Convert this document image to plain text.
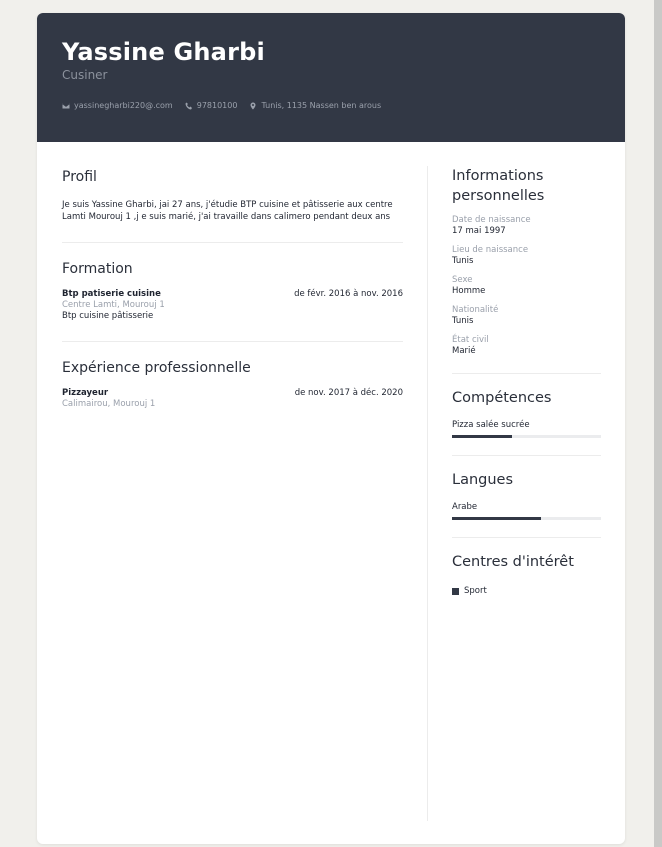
Yassine Gharbi
Cusiner
yassinegharbi220@.com	97810100	Tunis, 1135 Nassen ben arous
Profil
Je suis Yassine Gharbi, jai 27 ans, j'étudie BTP cuisine et pâtisserie aux centre Lamti Mourouj 1 ,j e suis marié, j'ai travaille dans calimero pendant deux ans
Formation
Btp patiserie cuisine	de févr. 2016 à nov. 2016
Centre Lamti, Mourouj 1
Btp cuisine pâtisserie
Expérience professionnelle
Pizzayeur	de nov. 2017 à déc. 2020
Calimairou, Mourouj 1
Informations personnelles
Date de naissance
17 mai 1997
Lieu de naissance
Tunis
Sexe
Homme
Nationalité
Tunis
État civil
Marié
Compétences
Pizza salée sucrée
Langues
Arabe
Centres d'intérêt
Sport
